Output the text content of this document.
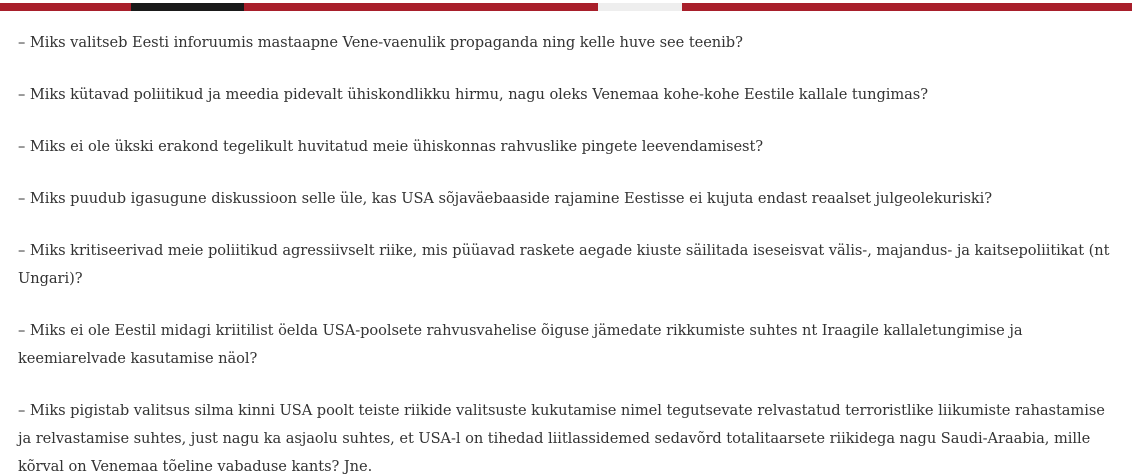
– Miks valitseb Eesti inforuumis mastaapne Vene-vaenulik propaganda ning kelle huve see teenib?

– Miks kütavad poliitikud ja meedia pidevalt ühiskondlikku hirmu, nagu oleks Venemaa kohe-kohe Eestile kallale tungimas?

– Miks ei ole ükski erakond tegelikult huvitatud meie ühiskonnas rahvuslike pingete leevendamisest?

– Miks puudub igasugune diskussioon selle üle, kas USA sõjaväebaaside rajamine Eestisse ei kujuta endast reaalset julgeolekuriski?

– Miks kritiseerivad meie poliitikud agressiivselt riike, mis püüavad raskete aegade kiuste säilitada iseseisvat välis-, majandus- ja kaitsepoliitikat (nt Ungari)?

– Miks ei ole Eestil midagi kriitilist öelda USA-poolsete rahvusvahelise õiguse jämedate rikkumiste suhtes nt Iraagile kallaletungimise ja keemiarelvade kasutamise näol?

– Miks pigistab valitsus silma kinni USA poolt teiste riikide valitsuste kukutamise nimel tegutsevate relvastatud terroristlike liikumiste rahastamise ja relvastamise suhtes, just nagu ka asjaolu suhtes, et USA-l on tihedad liitlassidemed sedavõrd totalitaarsete riikidega nagu Saudi-Araabia, mille kõrval on Venemaa tõeline vabaduse kants? Jne.
